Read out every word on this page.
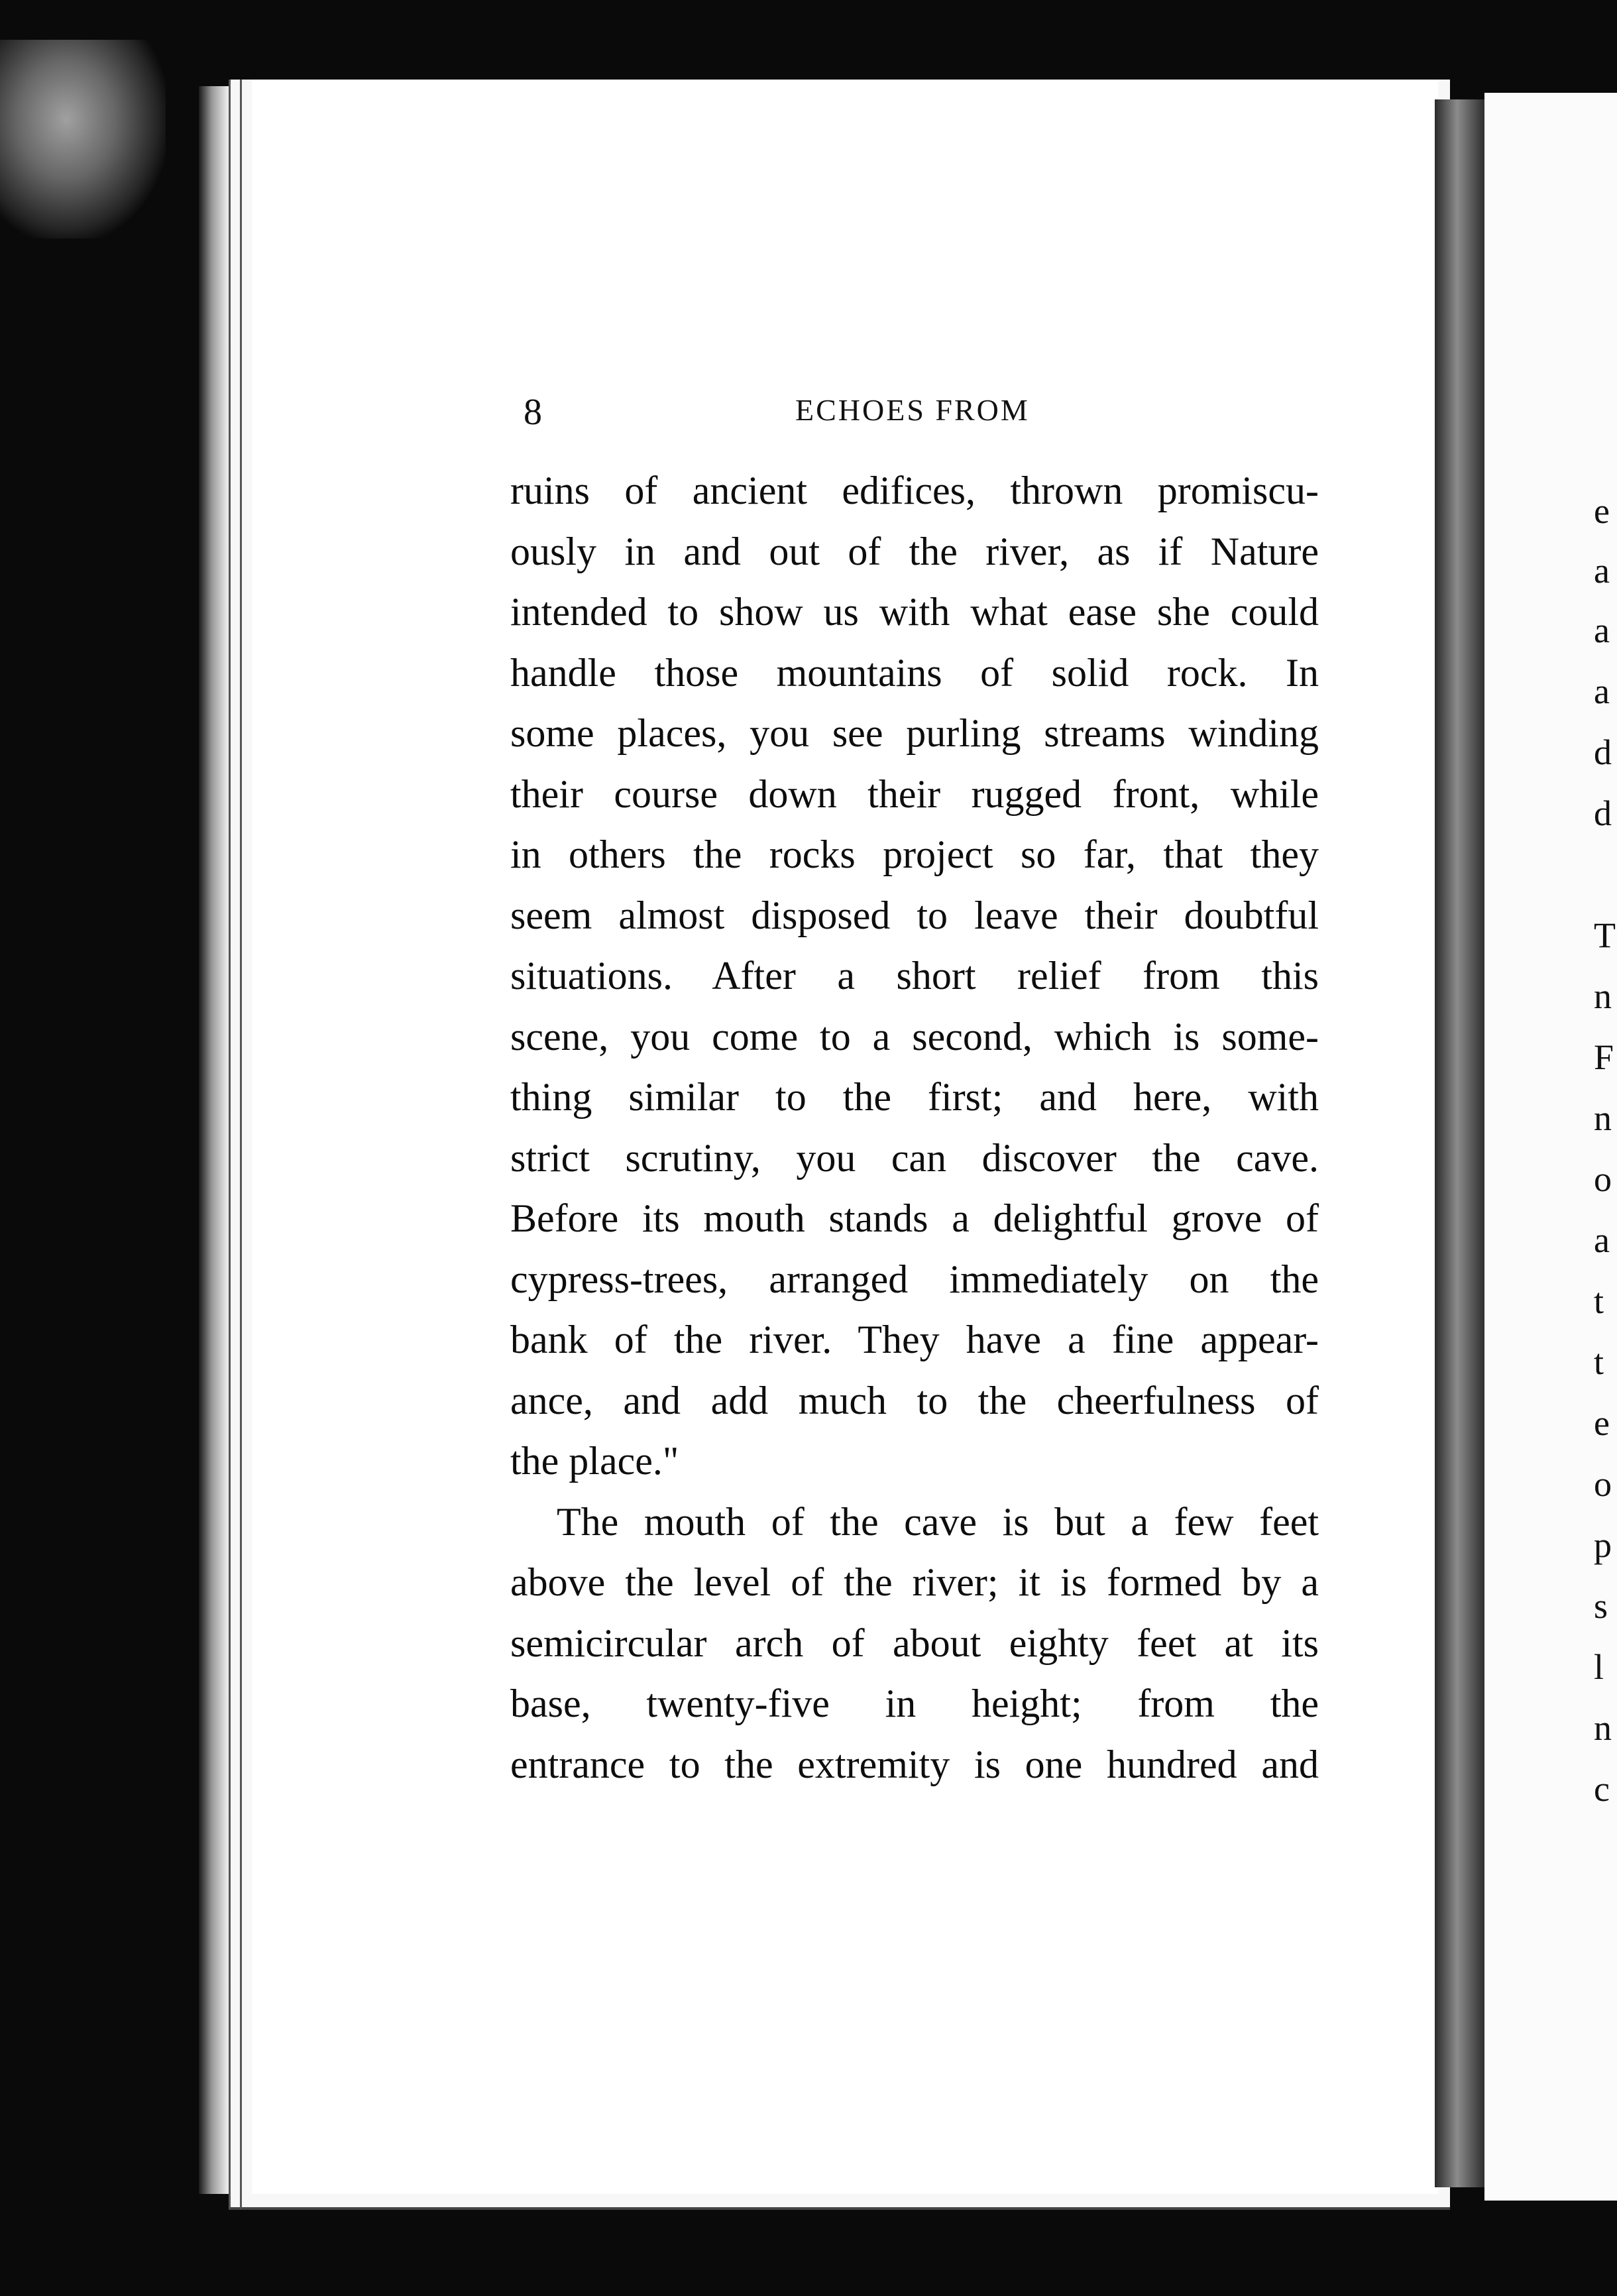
e
a
a
a
d
d
T
n
F
n
o
a
t
t
e
o
p
s
l
n
c
8	ECHOES FROM
ruins of ancient edifices, thrown promiscu-
ously in and out of the river, as if Nature
intended to show us with what ease she could
handle those mountains of solid rock. In
some places, you see purling streams winding
their course down their rugged front, while
in others the rocks project so far, that they
seem almost disposed to leave their doubtful
situations. After a short relief from this
scene, you come to a second, which is some-
thing similar to the first; and here, with
strict scrutiny, you can discover the cave.
Before its mouth stands a delightful grove of
cypress-trees, arranged immediately on the
bank of the river. They have a fine appear-
ance, and add much to the cheerfulness of
the place."
The mouth of the cave is but a few feet
above the level of the river; it is formed by a
semicircular arch of about eighty feet at its
base, twenty-five in height; from the
entrance to the extremity is one hundred and
